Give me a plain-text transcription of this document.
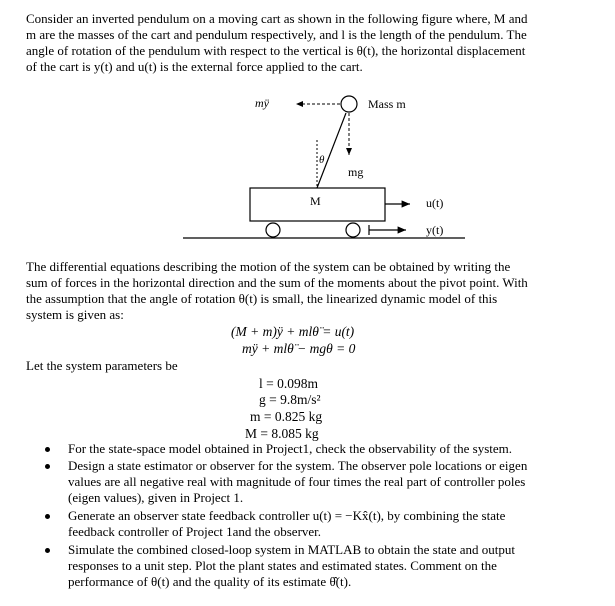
Consider an inverted pendulum on a moving cart as shown in the following figure where, M and

m are the masses of the cart and pendulum respectively, and l is the length of the pendulum. The

angle of rotation of the pendulum with respect to the vertical is θ(t), the horizontal displacement

of the cart is y(t) and u(t) is the external force applied to the cart.

mÿ	Mass m
θ
mg
M	u(t)
y(t)

The differential equations describing the motion of the system can be obtained by writing the

sum of forces in the horizontal direction and the sum of the moments about the pivot point. With

the assumption that the angle of rotation θ(t) is small, the linearized dynamic model of this

system is given as:

(M + m)ÿ + mlθ̈ = u(t)
mÿ + mlθ̈ − mgθ = 0
Let the system parameters be
l = 0.098m
g = 9.8m/s²
m = 0.825 kg
M = 8.085 kg
For the state-space model obtained in Project1, check the observability of the system.
Design a state estimator or observer for the system. The observer pole locations or eigen
values are all negative real with magnitude of four times the real part of controller poles
(eigen values), given in Project 1.
Generate an observer state feedback controller u(t) = −Kx̂(t), by combining the state
feedback controller of Project 1and the observer.
Simulate the combined closed-loop system in MATLAB to obtain the state and output
responses to a unit step. Plot the plant states and estimated states. Comment on the
performance of θ(t) and the quality of its estimate θ̂(t).
